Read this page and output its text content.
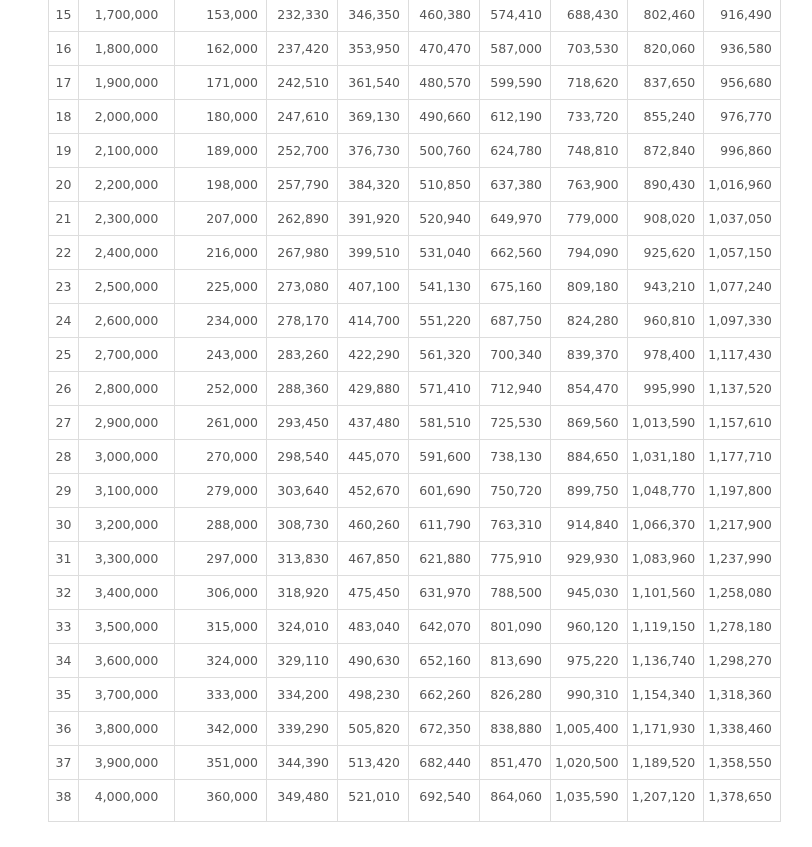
15	1,700,000	153,000	232,330	346,350	460,380	574,410	688,430	802,460	916,490
16	1,800,000	162,000	237,420	353,950	470,470	587,000	703,530	820,060	936,580
17	1,900,000	171,000	242,510	361,540	480,570	599,590	718,620	837,650	956,680
18	2,000,000	180,000	247,610	369,130	490,660	612,190	733,720	855,240	976,770
19	2,100,000	189,000	252,700	376,730	500,760	624,780	748,810	872,840	996,860
20	2,200,000	198,000	257,790	384,320	510,850	637,380	763,900	890,430	1,016,960
21	2,300,000	207,000	262,890	391,920	520,940	649,970	779,000	908,020	1,037,050
22	2,400,000	216,000	267,980	399,510	531,040	662,560	794,090	925,620	1,057,150
23	2,500,000	225,000	273,080	407,100	541,130	675,160	809,180	943,210	1,077,240
24	2,600,000	234,000	278,170	414,700	551,220	687,750	824,280	960,810	1,097,330
25	2,700,000	243,000	283,260	422,290	561,320	700,340	839,370	978,400	1,117,430
26	2,800,000	252,000	288,360	429,880	571,410	712,940	854,470	995,990	1,137,520
27	2,900,000	261,000	293,450	437,480	581,510	725,530	869,560	1,013,590	1,157,610
28	3,000,000	270,000	298,540	445,070	591,600	738,130	884,650	1,031,180	1,177,710
29	3,100,000	279,000	303,640	452,670	601,690	750,720	899,750	1,048,770	1,197,800
30	3,200,000	288,000	308,730	460,260	611,790	763,310	914,840	1,066,370	1,217,900
31	3,300,000	297,000	313,830	467,850	621,880	775,910	929,930	1,083,960	1,237,990
32	3,400,000	306,000	318,920	475,450	631,970	788,500	945,030	1,101,560	1,258,080
33	3,500,000	315,000	324,010	483,040	642,070	801,090	960,120	1,119,150	1,278,180
34	3,600,000	324,000	329,110	490,630	652,160	813,690	975,220	1,136,740	1,298,270
35	3,700,000	333,000	334,200	498,230	662,260	826,280	990,310	1,154,340	1,318,360
36	3,800,000	342,000	339,290	505,820	672,350	838,880	1,005,400	1,171,930	1,338,460
37	3,900,000	351,000	344,390	513,420	682,440	851,470	1,020,500	1,189,520	1,358,550
38	4,000,000	360,000	349,480	521,010	692,540	864,060	1,035,590	1,207,120	1,378,650
